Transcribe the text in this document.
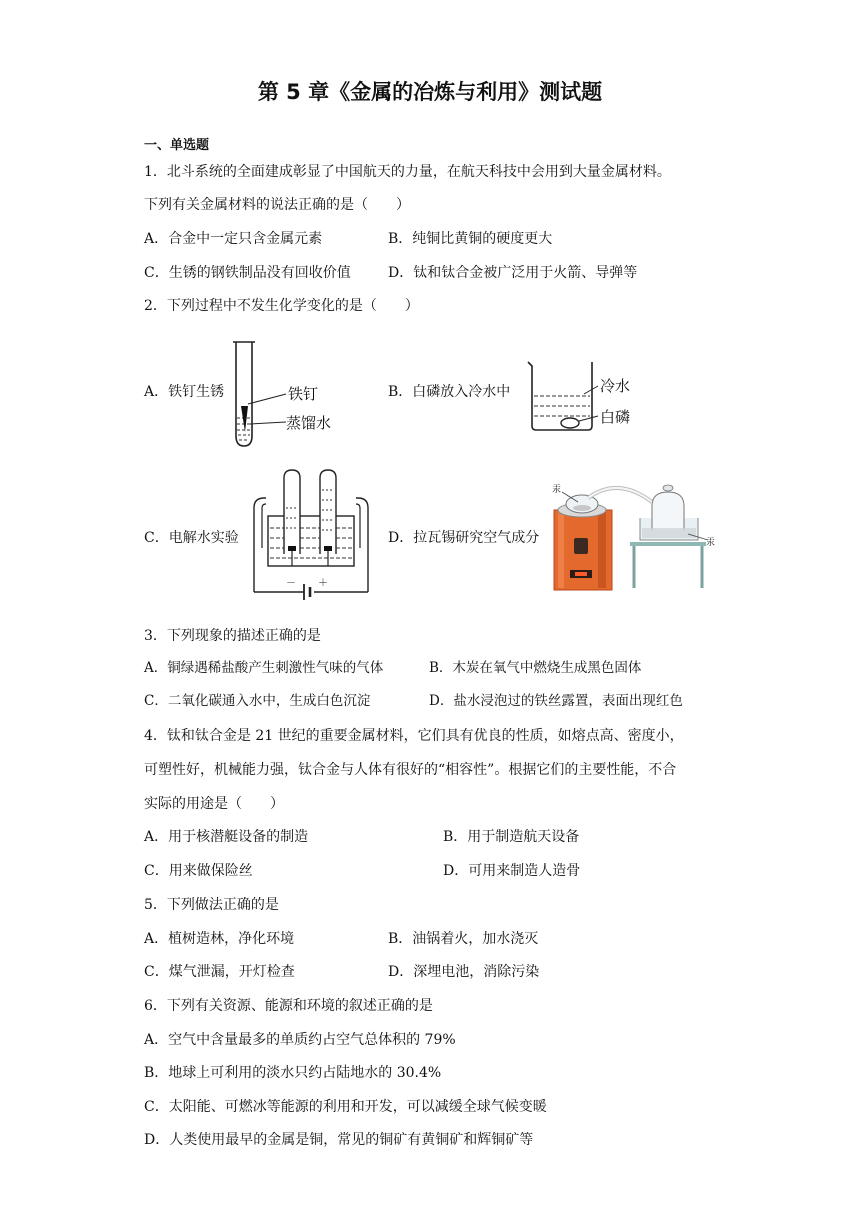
第 5 章《金属的冶炼与利用》测试题
一、单选题
1．北斗系统的全面建成彰显了中国航天的力量，在航天科技中会用到大量金属材料。
下列有关金属材料的说法正确的是（　　）
A．合金中一定只含金属元素	B．纯铜比黄铜的硬度更大
C．生锈的钢铁制品没有回收价值	D．钛和钛合金被广泛用于火箭、导弹等
2．下列过程中不发生化学变化的是（　　）
A．铁钉生锈	B．白磷放入冷水中
C．电解水实验	D．拉瓦锡研究空气成分
铁钉
蒸馏水
冷水
白磷
－ ＋
汞
汞
3．下列现象的描述正确的是
A．铜绿遇稀盐酸产生刺激性气味的气体	B．木炭在氧气中燃烧生成黑色固体
C．二氧化碳通入水中，生成白色沉淀	D．盐水浸泡过的铁丝露置，表面出现红色
4．钛和钛合金是 21 世纪的重要金属材料，它们具有优良的性质，如熔点高、密度小，
可塑性好，机械能力强，钛合金与人体有很好的“相容性”。根据它们的主要性能，不合
实际的用途是（　　）
A．用于核潜艇设备的制造	B．用于制造航天设备
C．用来做保险丝	D．可用来制造人造骨
5．下列做法正确的是
A．植树造林，净化环境	B．油锅着火，加水浇灭
C．煤气泄漏，开灯检查	D．深埋电池，消除污染
6．下列有关资源、能源和环境的叙述正确的是
A．空气中含量最多的单质约占空气总体积的 79%
B．地球上可利用的淡水只约占陆地水的 30.4%
C．太阳能、可燃冰等能源的利用和开发，可以减缓全球气候变暖
D．人类使用最早的金属是铜，常见的铜矿有黄铜矿和辉铜矿等
